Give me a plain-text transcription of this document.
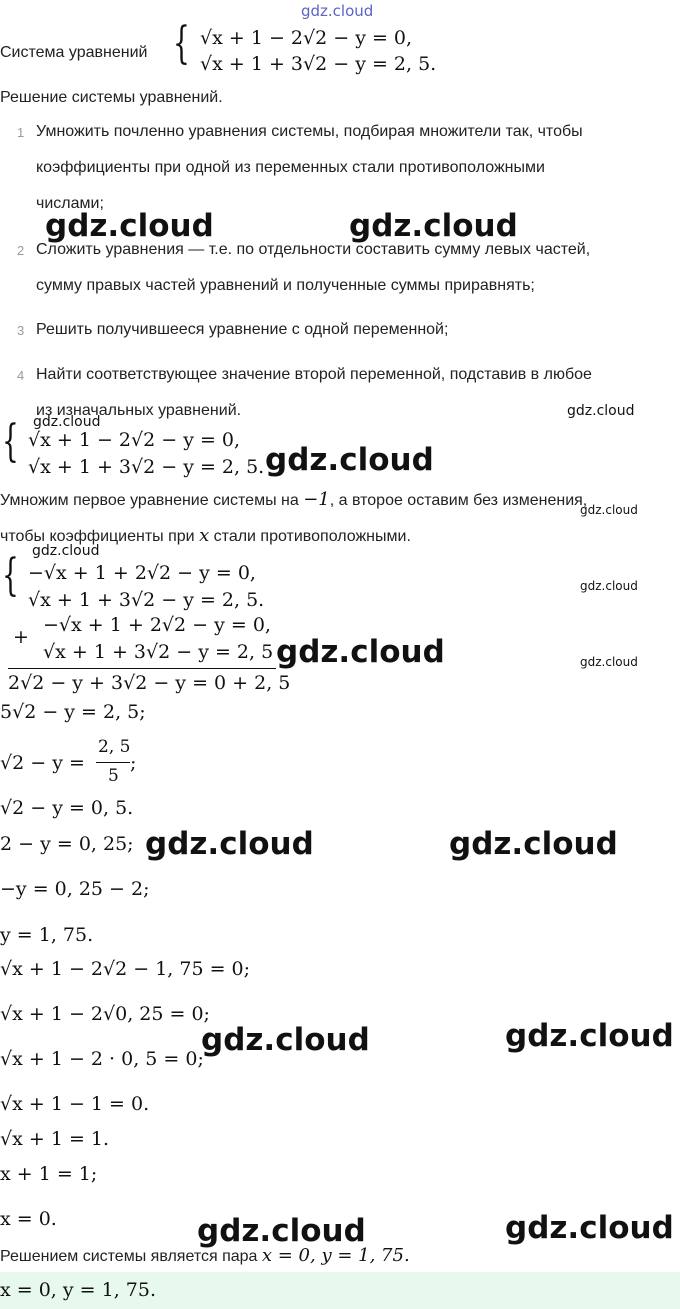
gdz.cloud
Система уравнений { √x + 1 − 2√2 − y = 0,
√x + 1 + 3√2 − y = 2, 5.
Решение системы уравнений.
1 Умножить почленно уравнения системы, подбирая множители так, чтобы
коэффициенты при одной из переменных стали противоположными
числами;
2 Сложить уравнения — т.е. по отдельности составить сумму левых частей,
сумму правых частей уравнений и полученные суммы приравнять;
3 Решить получившееся уравнение с одной переменной;
4 Найти соответствующее значение второй переменной, подставив в любое
из изначальных уравнений.
{ √x + 1 − 2√2 − y = 0,
√x + 1 + 3√2 − y = 2, 5.
Умножим первое уравнение системы на −1, а второе оставим без изменения,
чтобы коэффициенты при x стали противоположными.
{ −√x + 1 + 2√2 − y = 0,
√x + 1 + 3√2 − y = 2, 5.
+
−√x + 1 + 2√2 − y = 0,
√x + 1 + 3√2 − y = 2, 5
2√2 − y + 3√2 − y = 0 + 2, 5
5√2 − y = 2, 5;
√2 − y =
2, 5
5
;
√2 − y = 0, 5.
2 − y = 0, 25;
−y = 0, 25 − 2;
y = 1, 75.
√x + 1 − 2√2 − 1, 75 = 0;
√x + 1 − 2√0, 25 = 0;
√x + 1 − 2 · 0, 5 = 0;
√x + 1 − 1 = 0.
√x + 1 = 1.
x + 1 = 1;
x = 0.
Решением системы является пара x = 0, y = 1, 75.
x = 0, y = 1, 75.
gdz.cloud	gdz.cloud
gdz.cloud
gdz.cloud
gdz.cloud
gdz.cloud
gdz.cloud
gdz.cloud
gdz.cloud	gdz.cloud
gdz.cloud	gdz.cloud
gdz.cloud	gdz.cloud
gdz.cloud	gdz.cloud
